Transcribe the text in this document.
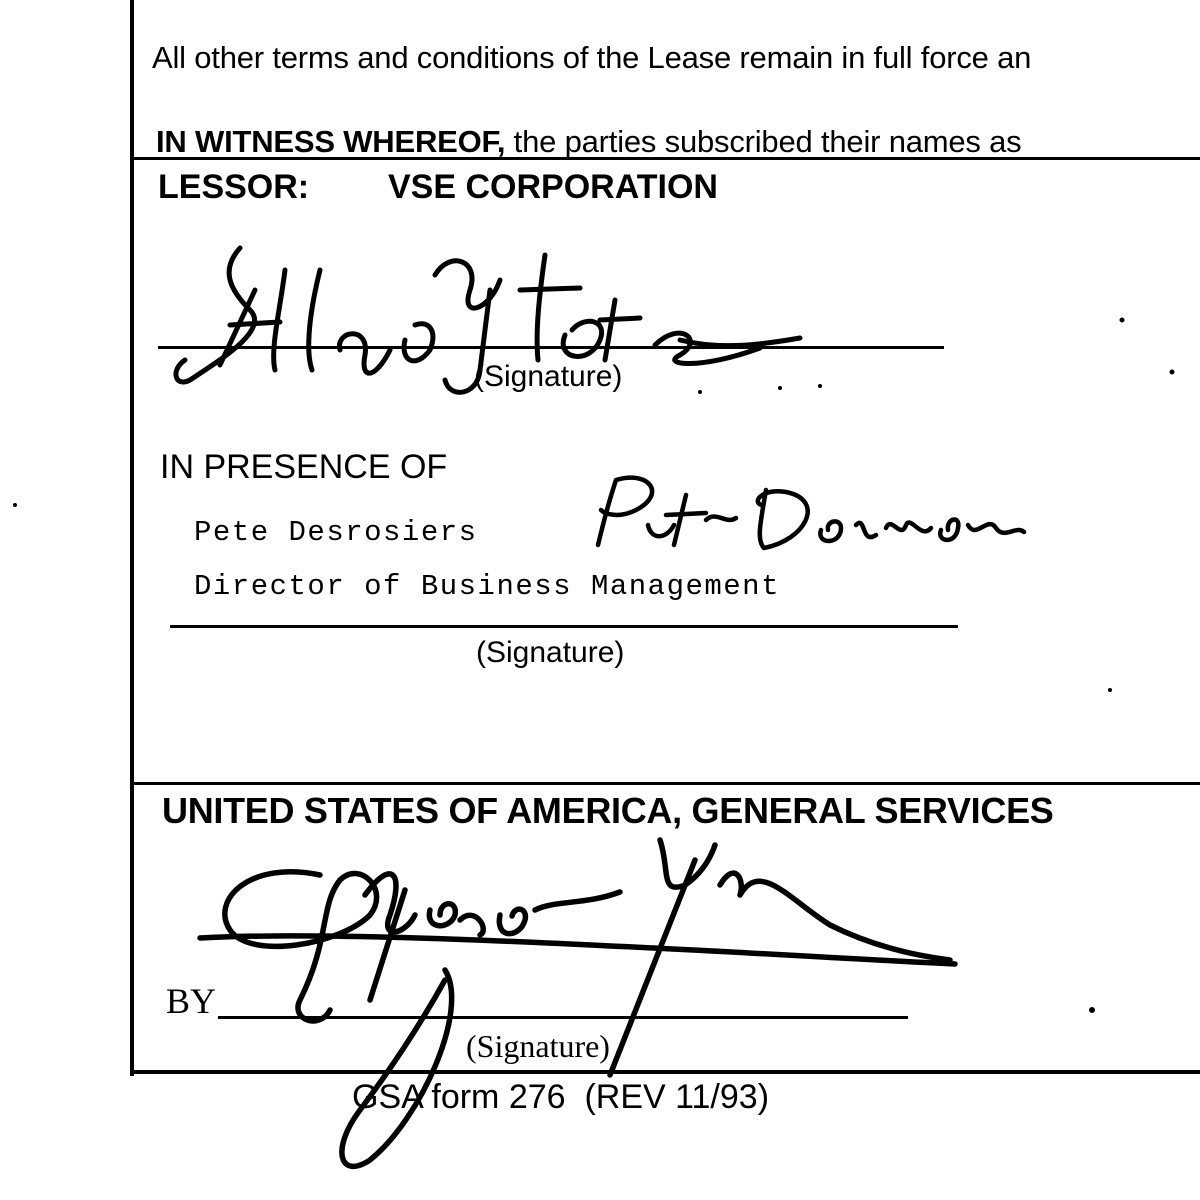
All other terms and conditions of the Lease remain in full force an
IN WITNESS WHEREOF, the parties subscribed their names as
LESSOR: VSE CORPORATION
(Signature)
IN PRESENCE OF
Pete Desrosiers
Director of Business Management
(Signature)
UNITED STATES OF AMERICA, GENERAL SERVICES
BY
(Signature)
GSA form 276 (REV 11/93)
